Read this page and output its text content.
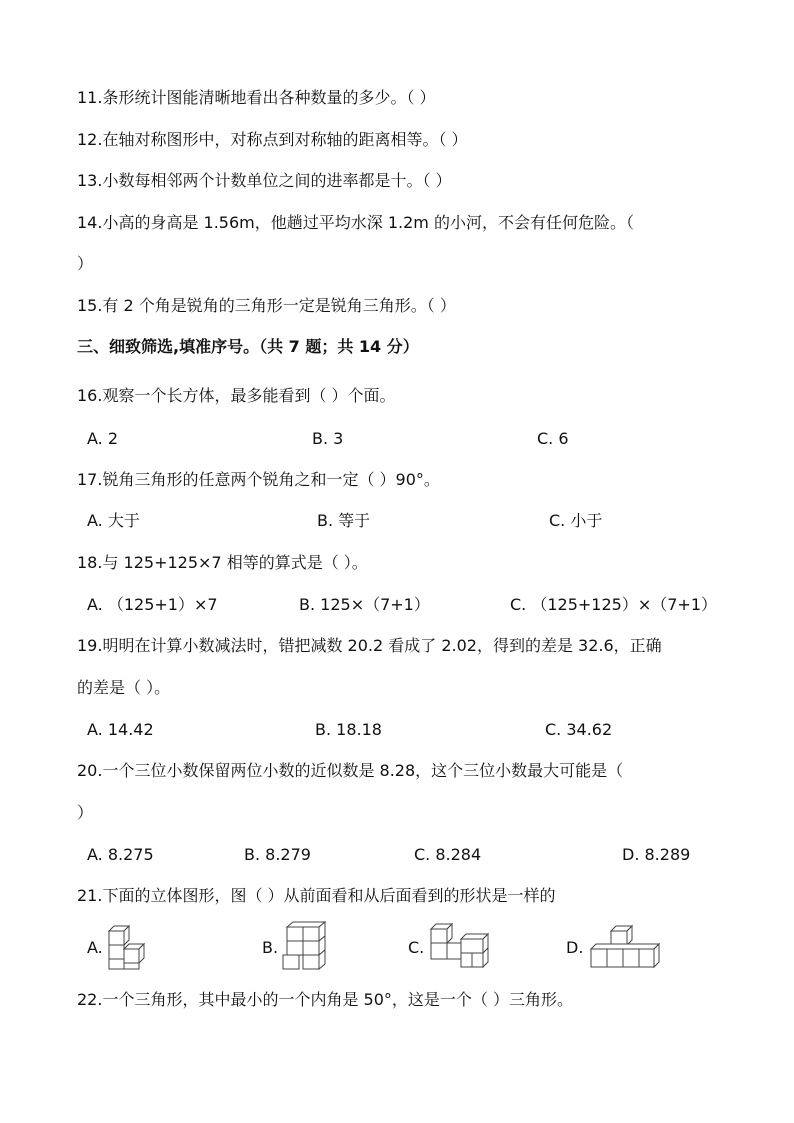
11.条形统计图能清晰地看出各种数量的多少。（ ）
12.在轴对称图形中，对称点到对称轴的距离相等。（ ）
13.小数每相邻两个计数单位之间的进率都是十。（ ）
14.小高的身高是 1.56m，他趟过平均水深 1.2m 的小河，不会有任何危险。（
）
15.有 2 个角是锐角的三角形一定是锐角三角形。（ ）
三、细致筛选,填准序号。（共 7 题；共 14 分）
16.观察一个长方体，最多能看到（ ）个面。
A. 2	B. 3	C. 6
17.锐角三角形的任意两个锐角之和一定（ ）90°。
A. 大于	B. 等于	C. 小于
18.与 125+125×7 相等的算式是（ ）。
A. （125+1）×7	B. 125×（7+1）	C. （125+125）×（7+1）
19.明明在计算小数减法时，错把减数 20.2 看成了 2.02，得到的差是 32.6，正确
的差是（ ）。
A. 14.42	B. 18.18	C. 34.62
20.一个三位小数保留两位小数的近似数是 8.28，这个三位小数最大可能是（
）
A. 8.275	B. 8.279	C. 8.284	D. 8.289
21.下面的立体图形，图（ ）从前面看和从后面看到的形状是一样的
A.	B.	C.	D.
22.一个三角形，其中最小的一个内角是 50°，这是一个（ ）三角形。
